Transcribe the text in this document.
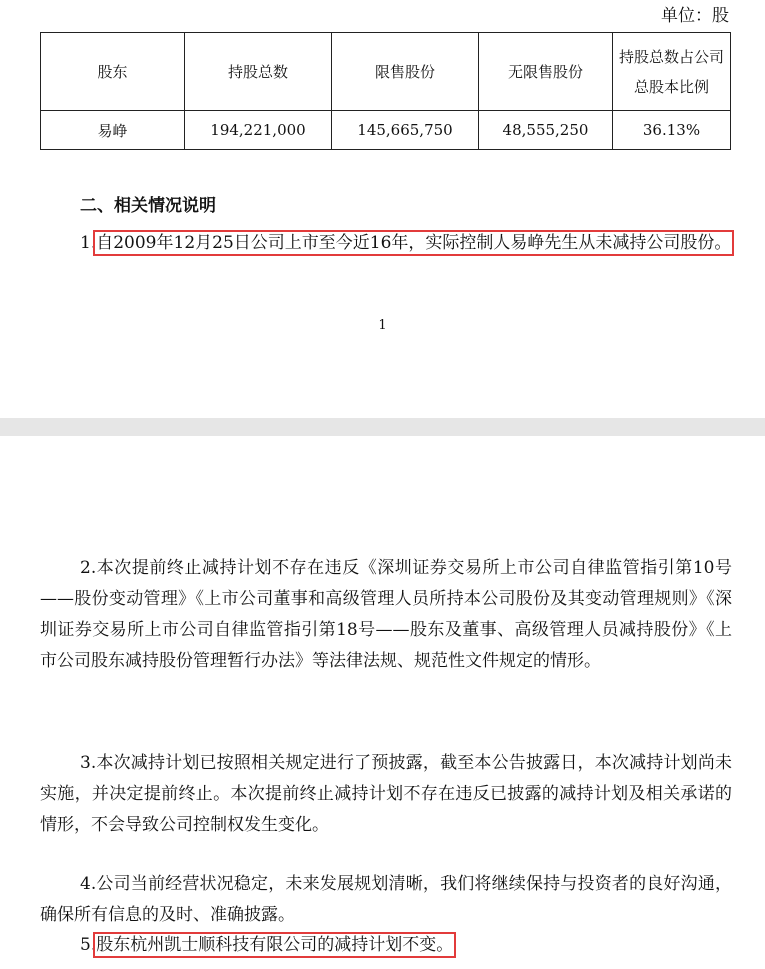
单位：股
股东	持股总数	限售股份	无限售股份	持股总数占公司总股本比例
易峥	194,221,000	145,665,750	48,555,250	36.13%
二、相关情况说明

1.自2009年12月25日公司上市至今近16年，实际控制人易峥先生从未减持公司股份。

1

2.本次提前终止减持计划不存在违反《深圳证券交易所上市公司自律监管指引第10号——股份变动管理》《上市公司董事和高级管理人员所持本公司股份及其变动管理规则》《深圳证券交易所上市公司自律监管指引第18号——股东及董事、高级管理人员减持股份》《上市公司股东减持股份管理暂行办法》等法律法规、规范性文件规定的情形。

3.本次减持计划已按照相关规定进行了预披露，截至本公告披露日，本次减持计划尚未实施，并决定提前终止。本次提前终止减持计划不存在违反已披露的减持计划及相关承诺的情形，不会导致公司控制权发生变化。

4.公司当前经营状况稳定，未来发展规划清晰，我们将继续保持与投资者的良好沟通，确保所有信息的及时、准确披露。

5.股东杭州凯士顺科技有限公司的减持计划不变。
